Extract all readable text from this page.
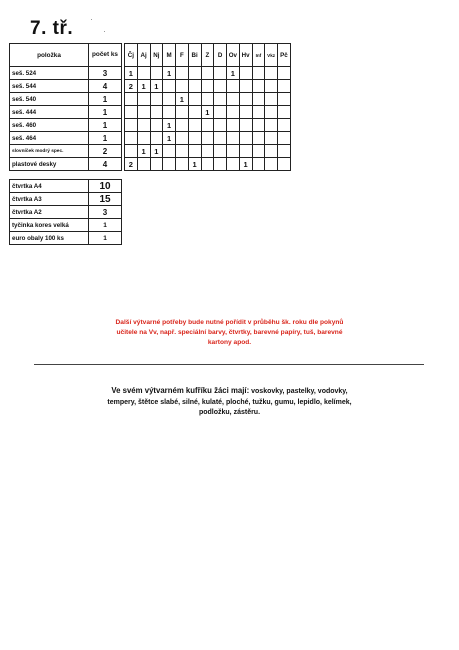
7. tř.
položka	počet ks
seš. 524	3
seš. 544	4
seš. 540	1
seš. 444	1
seš. 460	1
seš. 464	1
slovníček modrý spec.	2
plastové desky	4
Čj	Aj	Nj	M	F	Bi	Z	D	Ov	Hv	Inf	Vkz	Pč
1			1					1				
2	1	1										
				1								
						1						
			1									
			1									
	1	1										
2					1				1			
čtvrtka A4	10
čtvrtka A3	15
čtvrtka A2	3
tyčinka kores velká	1
euro obaly 100 ks	1
Další výtvarné potřeby bude nutné pořídit v průběhu šk. roku dle pokynů
učitele na Vv, např. speciální barvy, čtvrtky, barevné papíry, tuš, barevné
kartony apod.
Ve svém výtvarném kufříku žáci mají: voskovky, pastelky, vodovky,
tempery, štětce slabé, silné, kulaté, ploché, tužku, gumu, lepidlo, kelímek,
podložku, zástěru.
